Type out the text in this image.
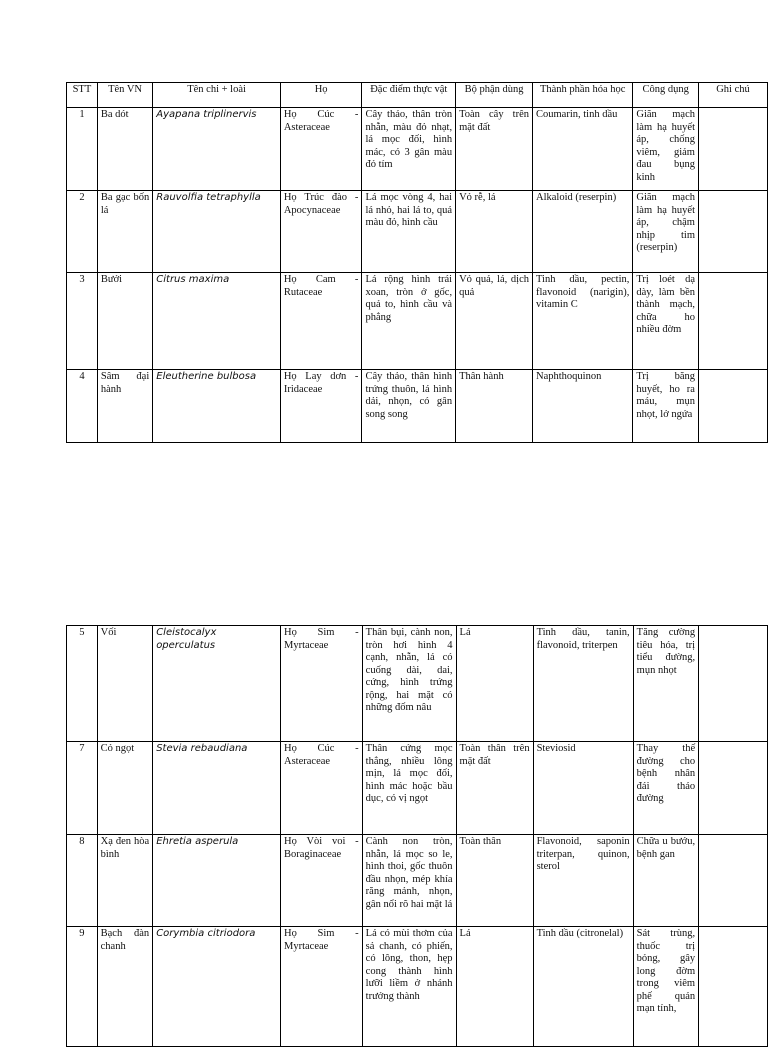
STT	Tên VN	Tên chi + loài	Họ	Đặc điểm thực vật	Bộ phận dùng	Thành phần hóa học	Công dụng	Ghi chú
1	Ba dót	Ayapana triplinervis	Họ Cúc - Asteraceae	Cây thảo, thân tròn nhẵn, màu đỏ nhạt, lá mọc đối, hình mác, có 3 gân màu đỏ tím	Toàn cây trên mặt đất	Coumarin, tinh dầu	Giãn mạch làm hạ huyết áp, chống viêm, giảm đau bụng kinh	
2	Ba gạc bốn lá	Rauvolfia tetraphylla	Họ Trúc đào - Apocynaceae	Lá mọc vòng 4, hai lá nhỏ, hai lá to, quả màu đỏ, hình cầu	Vỏ rễ, lá	Alkaloid (reserpin)	Giãn mạch làm hạ huyết áp, chậm nhịp tim (reserpin)	
3	Bưởi	Citrus maxima	Họ Cam - Rutaceae	Lá rộng hình trái xoan, tròn ở gốc, quả to, hình cầu và phẳng	Vỏ quả, lá, dịch quả	Tinh dầu, pectin, flavonoid (narigin), vitamin C	Trị loét dạ dày, làm bền thành mạch, chữa ho nhiều đờm	
4	Sâm đại hành	Eleutherine bulbosa	Họ Lay dơn - Iridaceae	Cây thảo, thân hình trứng thuôn, lá hình dải, nhọn, có gân song song	Thân hành	Naphthoquinon	Trị băng huyết, ho ra máu, mụn nhọt, lở ngứa	
5	Vối	Cleistocalyx operculatus	Họ Sim - Myrtaceae	Thân bụi, cành non, tròn hơi hình 4 cạnh, nhẵn, lá có cuống dài, dai, cứng, hình trứng rộng, hai mặt có những đốm nâu	Lá	Tinh dầu, tanin, flavonoid, triterpen	Tăng cường tiêu hóa, trị tiểu đường, mụn nhọt	
7	Cỏ ngọt	Stevia rebaudiana	Họ Cúc - Asteraceae	Thân cứng mọc thẳng, nhiều lông mịn, lá mọc đối, hình mác hoặc bầu dục, có vị ngọt	Toàn thân trên mặt đất	Steviosid	Thay thế đường cho bệnh nhân đái tháo đường	
8	Xạ đen hòa bình	Ehretia asperula	Họ Vòi voi - Boraginaceae	Cành non tròn, nhẵn, lá mọc so le, hình thoi, gốc thuôn đầu nhọn, mép khía răng mảnh, nhọn, gân nổi rõ hai mặt lá	Toàn thân	Flavonoid, saponin triterpan, quinon, sterol	Chữa u bướu, bệnh gan	
9	Bạch đàn chanh	Corymbia citriodora	Họ Sim - Myrtaceae	Lá có mùi thơm của sả chanh, có phiến, có lông, thon, hẹp cong thành hình lưỡi liềm ở nhánh trưởng thành	Lá	Tinh dầu (citronelal)	Sát trùng, thuốc trị bỏng, gây long đờm trong viêm phế quản mạn tính,	
